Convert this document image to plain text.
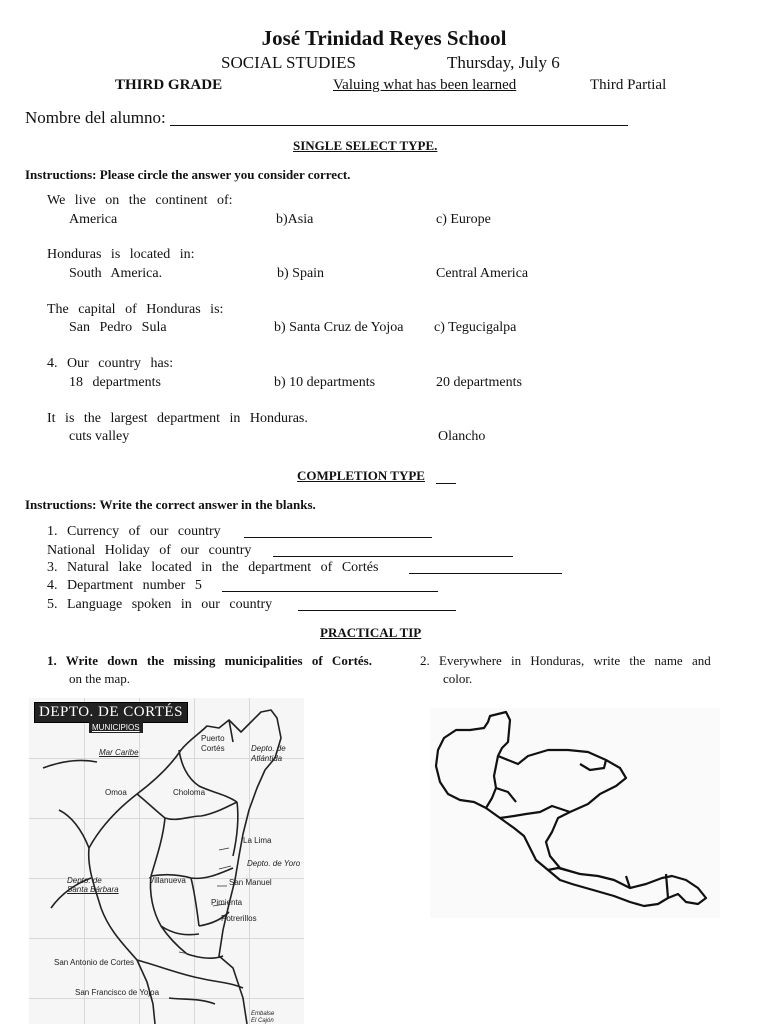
José Trinidad Reyes School
SOCIAL STUDIES	Thursday, July 6
THIRD GRADE	Valuing what has been learned	Third Partial
Nombre del alumno:
SINGLE SELECT TYPE.
Instructions: Please circle the answer you consider correct.
We live on the continent of:
America	b)Asia	c) Europe
Honduras is located in:
South America.	b) Spain	Central America
The capital of Honduras is:
San Pedro Sula	b) Santa Cruz de Yojoa c) Tegucigalpa
4. Our country has:
18 departments	b) 10 departments	20 departments
It is the largest department in Honduras.
cuts valley	Olancho
COMPLETION TYPE
Instructions: Write the correct answer in the blanks.
1. Currency of our country
National Holiday of our country
3. Natural lake located in the department of Cortés
4. Department number 5
5. Language spoken in our country
PRACTICAL TIP
1. Write down the missing municipalities of Cortés.
on the map.
2. Everywhere in Honduras, write the name and
color.
DEPTO. DE CORTÉS
MUNICIPIOS
Mar Caribe
Puerto
Cortés	Depto. de
Atlántida
Omoa	Choloma
La Lima
Depto. de Yoro
Depto. de
Santa Bárbara
Villanueva	San Manuel
Pimienta
Potrerillos
San Antonio de Cortes
San Francisco de Yojoa
Embalse
El Cajón
